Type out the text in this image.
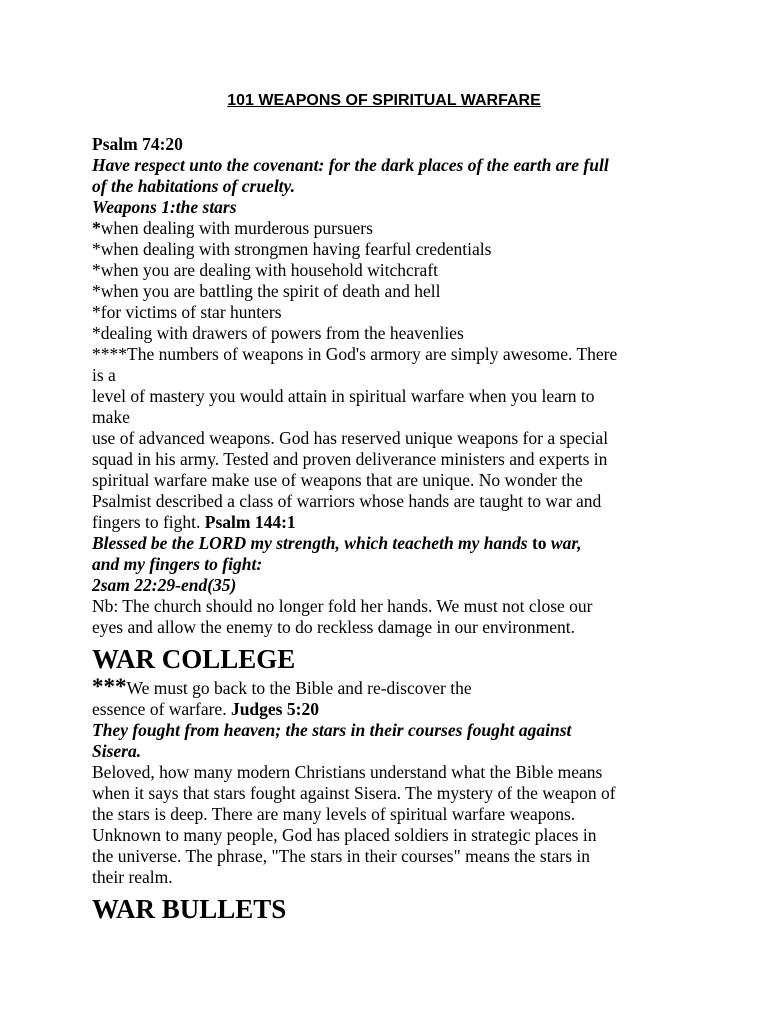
101 WEAPONS OF SPIRITUAL WARFARE
Psalm 74:20
Have respect unto the covenant: for the dark places of the earth are full
of the habitations of cruelty.
Weapons 1:the stars
*when dealing with murderous pursuers
*when dealing with strongmen having fearful credentials
*when you are dealing with household witchcraft
*when you are battling the spirit of death and hell
*for victims of star hunters
*dealing with drawers of powers from the heavenlies
****The numbers of weapons in God's armory are simply awesome. There
is a
level of mastery you would attain in spiritual warfare when you learn to
make
use of advanced weapons. God has reserved unique weapons for a special
squad in his army. Tested and proven deliverance ministers and experts in
spiritual warfare make use of weapons that are unique. No wonder the
Psalmist described a class of warriors whose hands are taught to war and
fingers to fight. Psalm 144:1
Blessed be the LORD my strength, which teacheth my hands to war,
and my fingers to fight:
2sam 22:29-end(35)
Nb: The church should no longer fold her hands. We must not close our
eyes and allow the enemy to do reckless damage in our environment.
WAR COLLEGE
***We must go back to the Bible and re-discover the
essence of warfare. Judges 5:20
They fought from heaven; the stars in their courses fought against
Sisera.
Beloved, how many modern Christians understand what the Bible means
when it says that stars fought against Sisera. The mystery of the weapon of
the stars is deep. There are many levels of spiritual warfare weapons.
Unknown to many people, God has placed soldiers in strategic places in
the universe. The phrase, "The stars in their courses" means the stars in
their realm.
WAR BULLETS
